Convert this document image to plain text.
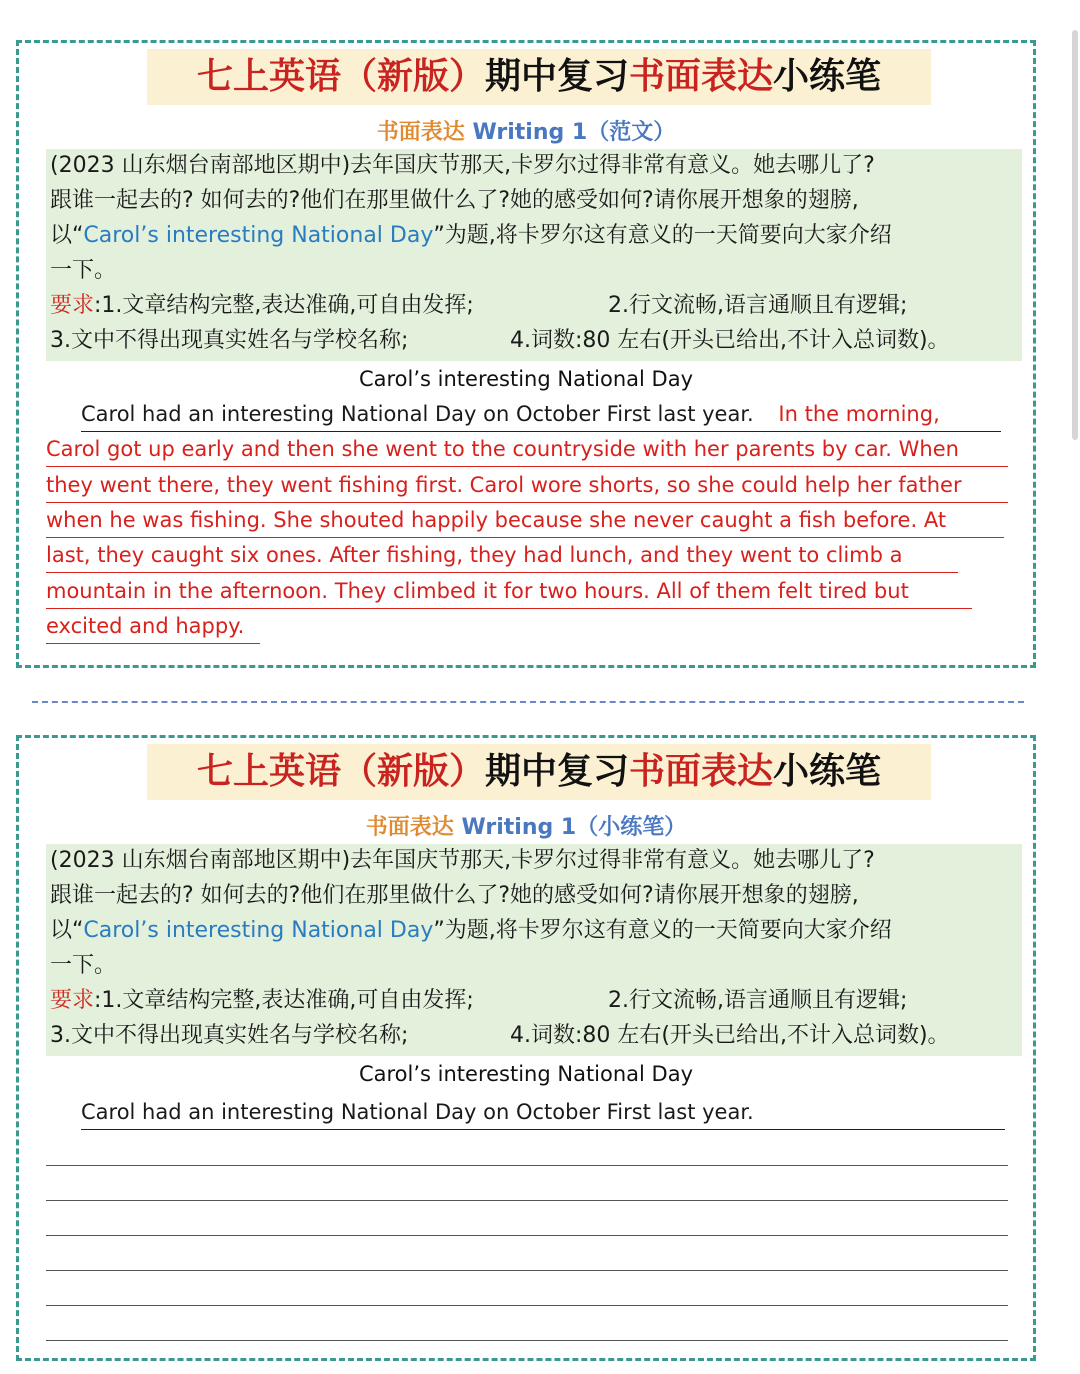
七上英语（新版）期中复习书面表达小练笔
书面表达 Writing 1（范文）
(2023 山东烟台南部地区期中)去年国庆节那天,卡罗尔过得非常有意义。她去哪儿了?
跟谁一起去的? 如何去的?他们在那里做什么了?她的感受如何?请你展开想象的翅膀,
以“Carol’s interesting National Day”为题,将卡罗尔这有意义的一天简要向大家介绍
一下。
要求:1.文章结构完整,表达准确,可自由发挥;	2.行文流畅,语言通顺且有逻辑;
3.文中不得出现真实姓名与学校名称;	4.词数:80 左右(开头已给出,不计入总词数)。
Carol’s interesting National Day
Carol had an interesting National Day on October First last year. In the morning,
Carol got up early and then she went to the countryside with her parents by car. When
they went there, they went fishing first. Carol wore shorts, so she could help her father
when he was fishing. She shouted happily because she never caught a fish before. At
last, they caught six ones. After fishing, they had lunch, and they went to climb a
mountain in the afternoon. They climbed it for two hours. All of them felt tired but
excited and happy.
七上英语（新版）期中复习书面表达小练笔
书面表达 Writing 1（小练笔）
(2023 山东烟台南部地区期中)去年国庆节那天,卡罗尔过得非常有意义。她去哪儿了?
跟谁一起去的? 如何去的?他们在那里做什么了?她的感受如何?请你展开想象的翅膀,
以“Carol’s interesting National Day”为题,将卡罗尔这有意义的一天简要向大家介绍
一下。
要求:1.文章结构完整,表达准确,可自由发挥;	2.行文流畅,语言通顺且有逻辑;
3.文中不得出现真实姓名与学校名称;	4.词数:80 左右(开头已给出,不计入总词数)。
Carol’s interesting National Day
Carol had an interesting National Day on October First last year.
